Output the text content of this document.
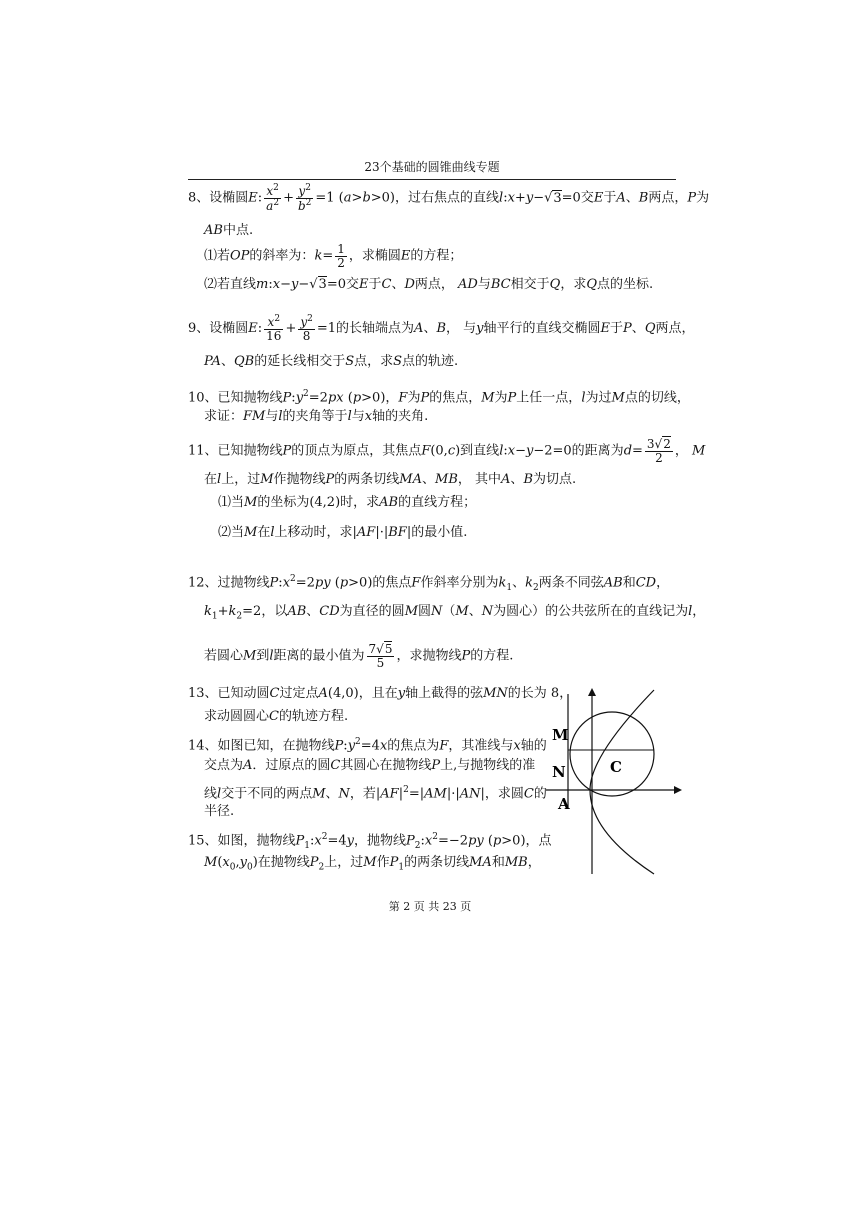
23个基础的圆锥曲线专题
8、设椭圆E: $\frac{x^2}{a^2} + \frac{y^2}{b^2} =1$ (a>b>0)，过右焦点的直线l:x+y−√3=0交E于A、B两点，P为
AB中点.
⑴若OP的斜率为：$k= \frac{1}{2}$ ，求椭圆E的方程；
⑵若直线m:x−y−√3=0交E于C、D两点， AD与BC相交于Q，求Q点的坐标.
9、设椭圆E: $\frac{x^2}{16} + \frac{y^2}{8} =1$的长轴端点为A、B， 与y轴平行的直线交椭圆E于P、Q两点，
PA、QB的延长线相交于S点，求S点的轨迹.
10、已知抛物线$P:y^2=2px$ (p>0)，F为P的焦点，M为P上任一点，l为过M点的切线，
求证：FM与l的夹角等于l与x轴的夹角.
11、已知抛物线P的顶点为原点，其焦点F(0,c)到直线l:x−y−2=0的距离为$d= \frac{3√2}{2}$ ， M
在l上，过M作抛物线P的两条切线MA、MB， 其中A、B为切点.
⑴当M的坐标为(4,2)时，求AB的直线方程；
⑵当M在l上移动时，求|AF|·|BF|的最小值.
12、过抛物线$P:x^2=2py$ (p>0)的焦点F作斜率分别为$k_1$、$k_2$两条不同弦AB和CD，
$k_1+k_2=2$，以AB、CD为直径的圆M圆N（M、N为圆心）的公共弦所在的直线记为l，
若圆心M到l距离的最小值为 $\frac{7√5}{5}$ ，求抛物线P的方程.
13、已知动圆C过定点A(4,0)，且在y轴上截得的弦MN的长为 8，
求动圆圆心C的轨迹方程.
14、如图已知，在抛物线$P:y^2=4x$的焦点为F，其准线与x轴的
交点为A．过原点的圆C其圆心在抛物线P上,与抛物线的准
线l交于不同的两点M、N，若$|AF|^2=|AM|\cdot|AN|$，求圆C的
半径.
15、如图，抛物线$P_1:x^2=4y$，抛物线$P_2:x^2=-2py$ (p>0)，点
$M(x_0,y_0)$在抛物线$P_2$上，过M作$P_1$的两条切线MA和MB，
M
N	C
A
第 2 页 共 23 页
